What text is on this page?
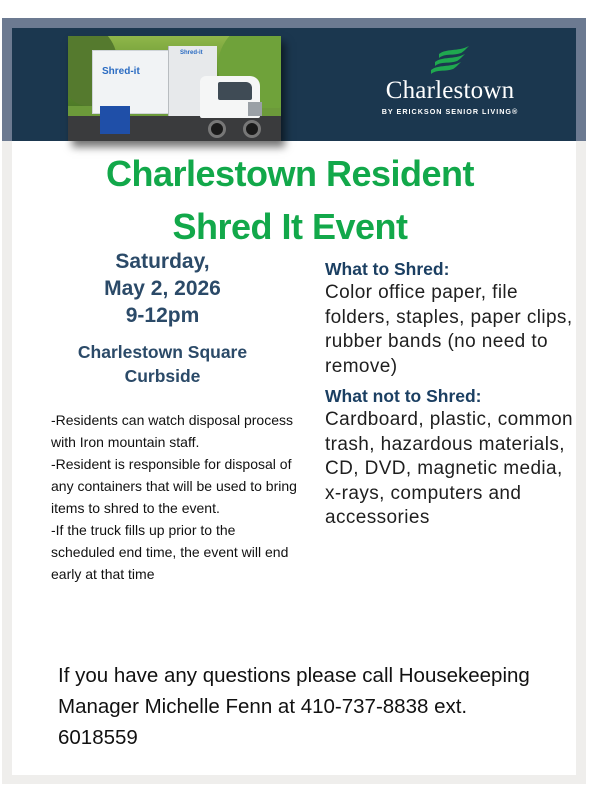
Shred-it
Shred-it
Charlestown
BY ERICKSON SENIOR LIVING®
Charlestown Resident
Shred It Event
Saturday,
May 2, 2026
9-12pm
Charlestown Square
Curbside
-Residents can watch disposal process with Iron mountain staff.
-Resident is responsible for disposal of any containers that will be used to bring items to shred to the event.
-If the truck fills up prior to the scheduled end time, the event will end early at that time
What to Shred:
Color office paper, file folders, staples, paper clips, rubber bands (no need to remove)
What not to Shred:
Cardboard, plastic, common trash, hazardous materials, CD, DVD, magnetic media, x-rays, computers and accessories
If you have any questions please call Housekeeping Manager Michelle Fenn at 410-737-8838 ext. 6018559
